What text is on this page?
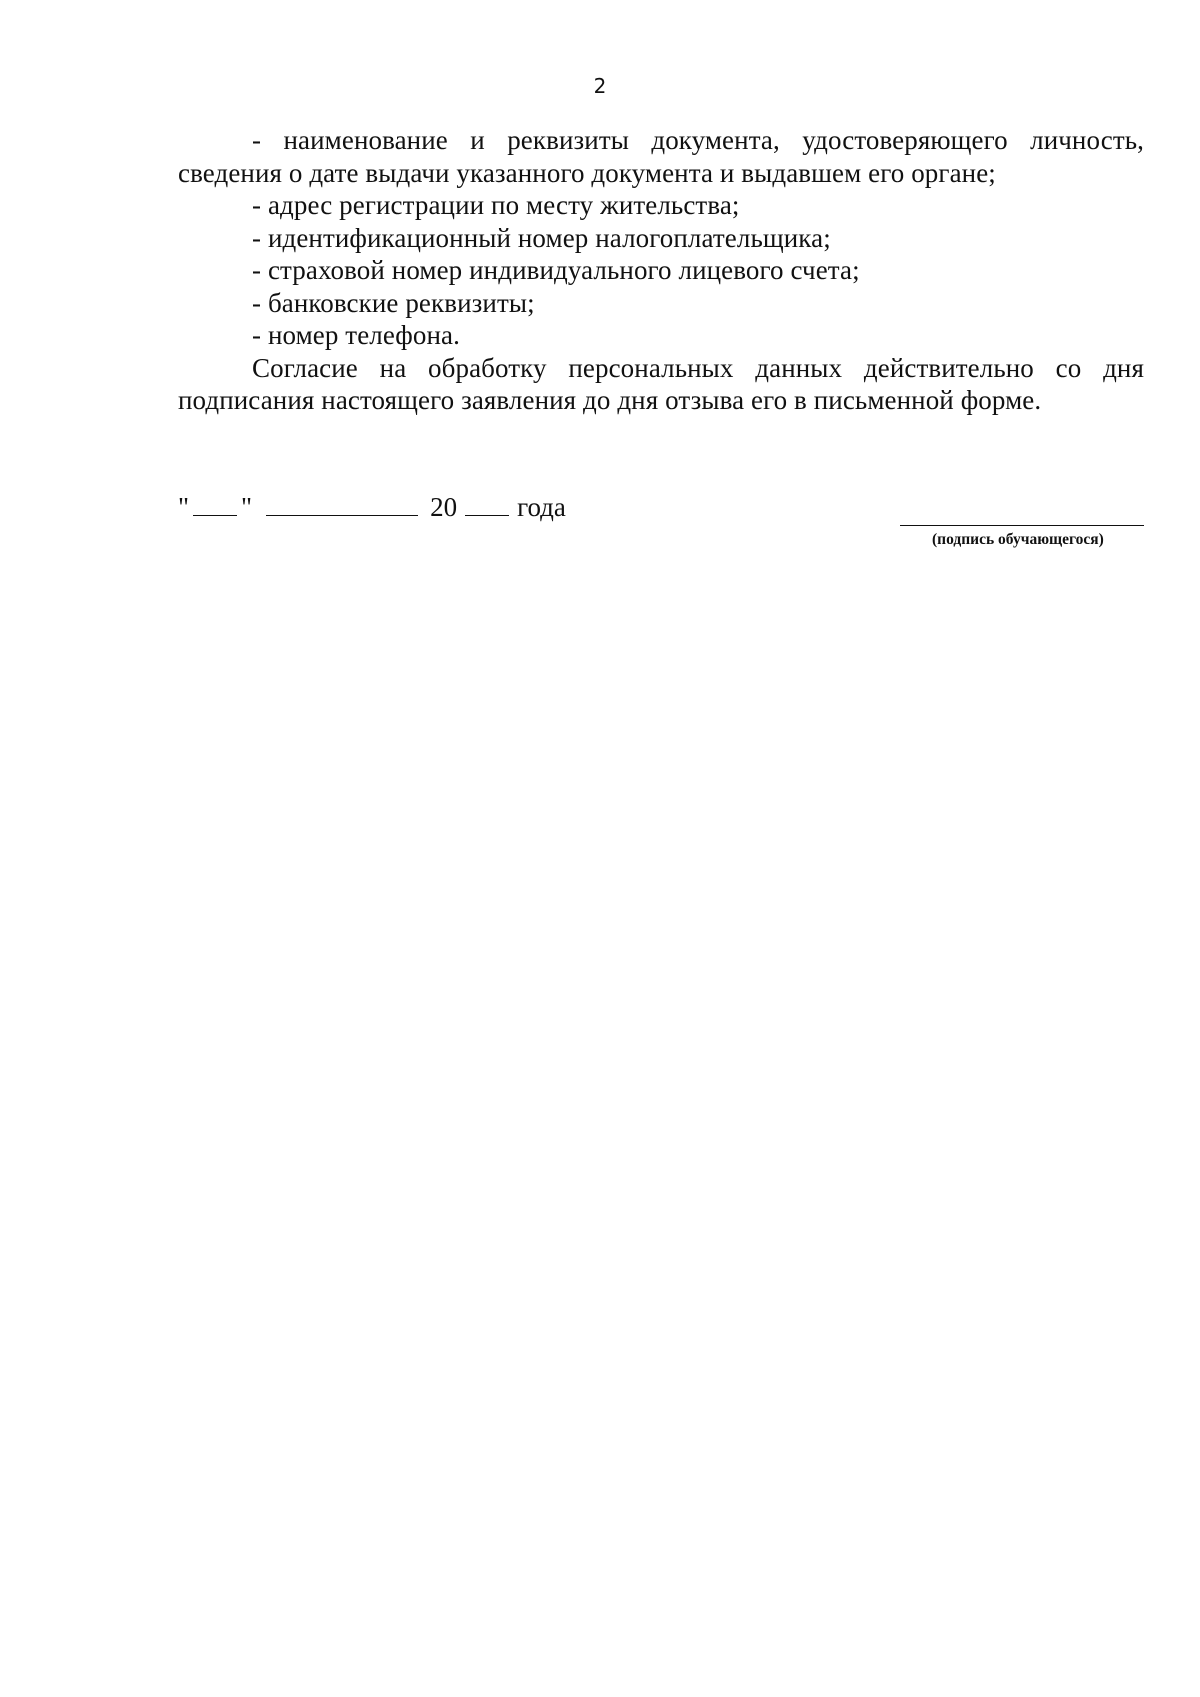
2

- наименование и реквизиты документа, удостоверяющего личность, сведения о дате выдачи указанного документа и выдавшем его органе;

- адрес регистрации по месту жительства;

- идентификационный номер налогоплательщика;

- страховой номер индивидуального лицевого счета;

- банковские реквизиты;

- номер телефона.

Согласие на обработку персональных данных действительно со дня подписания настоящего заявления до дня отзыва его в письменной форме.

" "	20 года
(подпись обучающегося)
